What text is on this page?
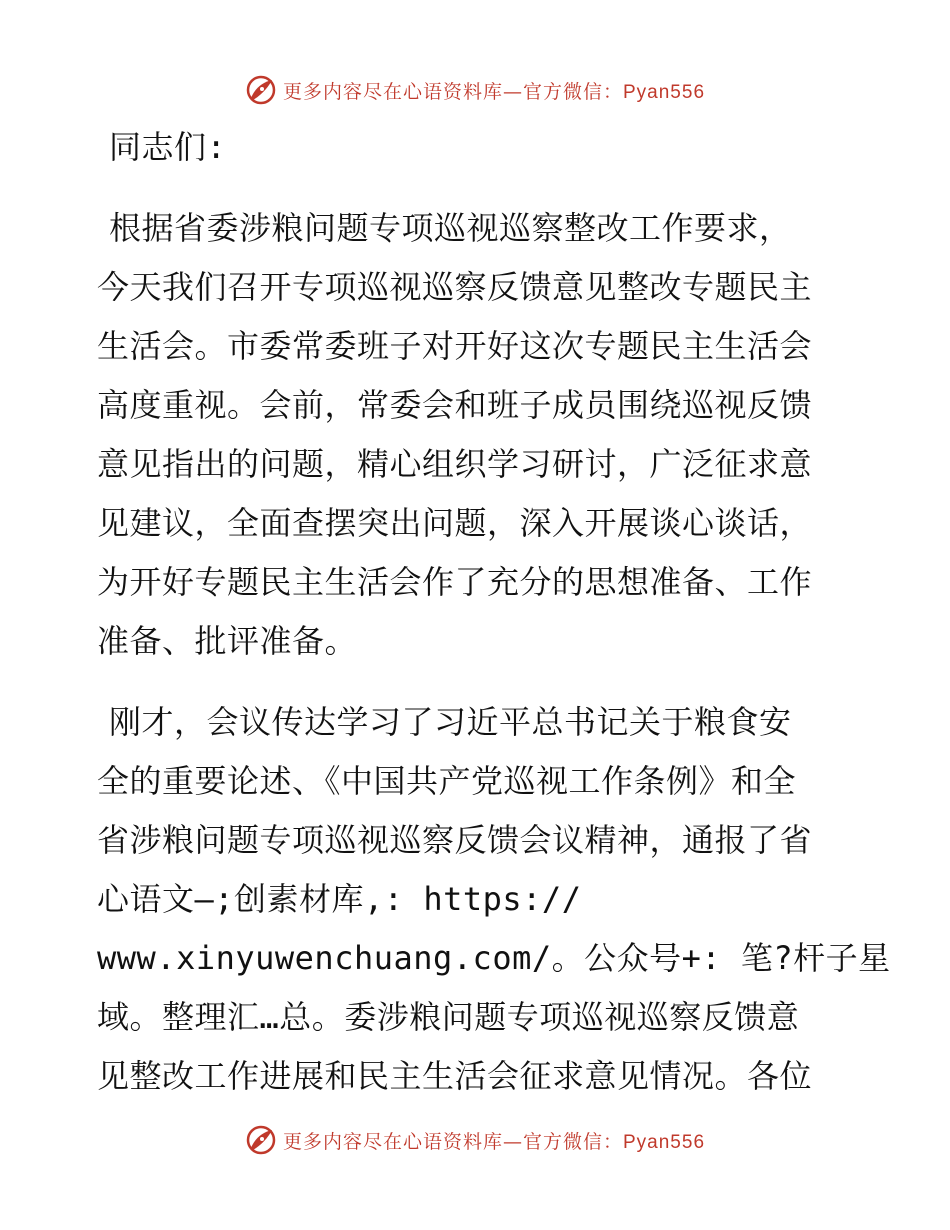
更多内容尽在心语资料库—官方微信：Pyan556

同志们:

根据省委涉粮问题专项巡视巡察整改工作要求，
今天我们召开专项巡视巡察反馈意见整改专题民主
生活会。市委常委班子对开好这次专题民主生活会
高度重视。会前，常委会和班子成员围绕巡视反馈
意见指出的问题，精心组织学习研讨，广泛征求意
见建议，全面查摆突出问题，深入开展谈心谈话，
为开好专题民主生活会作了充分的思想准备、工作
准备、批评准备。

刚才，会议传达学习了习近平总书记关于粮食安
全的重要论述、《中国共产党巡视工作条例》和全
省涉粮问题专项巡视巡察反馈会议精神，通报了省
心语文—;创素材库,: https://
www.xinyuwenchuang.com/。公众号+: 笔?杆子星
域。整理汇…总。委涉粮问题专项巡视巡察反馈意
见整改工作进展和民主生活会征求意见情况。各位

更多内容尽在心语资料库—官方微信：Pyan556
